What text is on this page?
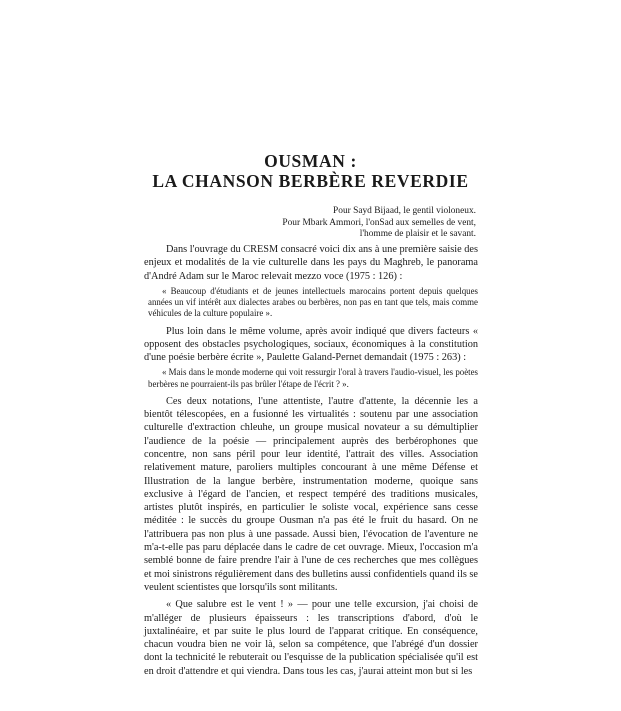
OUSMAN :
LA CHANSON BERBÈRE REVERDIE
Pour Sayd Bijaad, le gentil violoneux.
Pour Mbark Ammori, l'onSad aux semelles de vent,
l'homme de plaisir et le savant.

Dans l'ouvrage du CRESM consacré voici dix ans à une première saisie des enjeux et modalités de la vie culturelle dans les pays du Maghreb, le panorama d'André Adam sur le Maroc relevait mezzo voce (1975 : 126) :

« Beaucoup d'étudiants et de jeunes intellectuels marocains portent depuis quelques années un vif intérêt aux dialectes arabes ou berbères, non pas en tant que tels, mais comme véhicules de la culture populaire ».

Plus loin dans le même volume, après avoir indiqué que divers facteurs « opposent des obstacles psychologiques, sociaux, économiques à la constitution d'une poésie berbère écrite », Paulette Galand-Pernet demandait (1975 : 263) :

« Mais dans le monde moderne qui voit ressurgir l'oral à travers l'audio-visuel, les poètes berbères ne pourraient-ils pas brûler l'étape de l'écrit ? ».

Ces deux notations, l'une attentiste, l'autre d'attente, la décennie les a bientôt télescopées, en a fusionné les virtualités : soutenu par une association culturelle d'extraction chleuhe, un groupe musical novateur a su démultiplier l'audience de la poésie — principalement auprès des berbérophones que concentre, non sans péril pour leur identité, l'attrait des villes. Association relativement mature, paroliers multiples concourant à une même Défense et Illustration de la langue berbère, instrumentation moderne, quoique sans exclusive à l'égard de l'ancien, et respect tempéré des traditions musicales, artistes plutôt inspirés, en particulier le soliste vocal, expérience sans cesse méditée : le succès du groupe Ousman n'a pas été le fruit du hasard. On ne l'attribuera pas non plus à une passade. Aussi bien, l'évocation de l'aventure ne m'a-t-elle pas paru déplacée dans le cadre de cet ouvrage. Mieux, l'occasion m'a semblé bonne de faire prendre l'air à l'une de ces recherches que mes collègues et moi sinistrons régulièrement dans des bulletins aussi confidentiels quand ils se veulent scientistes que lorsqu'ils sont militants.

« Que salubre est le vent ! » — pour une telle excursion, j'ai choisi de m'alléger de plusieurs épaisseurs : les transcriptions d'abord, d'où le juxtalinéaire, et par suite le plus lourd de l'apparat critique. En conséquence, chacun voudra bien ne voir là, selon sa compétence, que l'abrégé d'un dossier dont la technicité le rebuterait ou l'esquisse de la publication spécialisée qu'il est en droit d'attendre et qui viendra. Dans tous les cas, j'aurai atteint mon but si les
